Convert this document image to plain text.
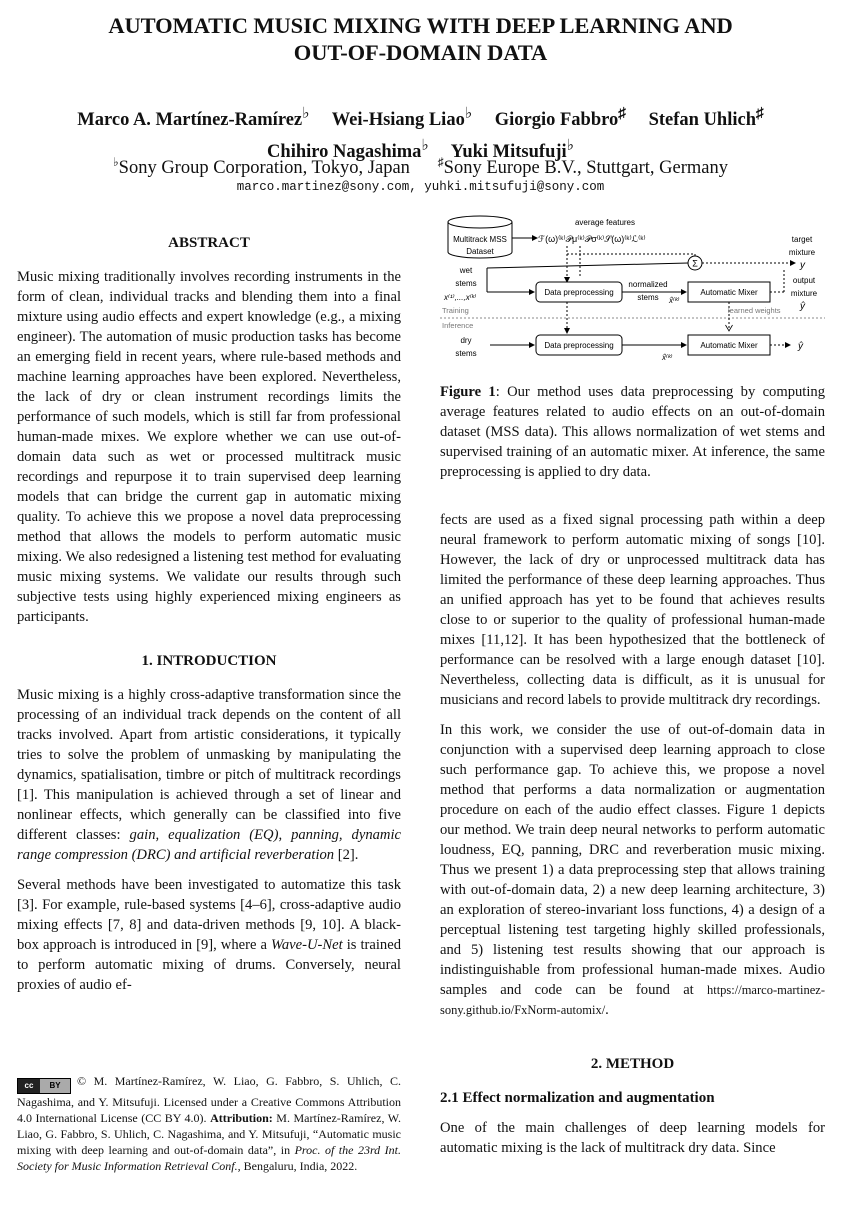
AUTOMATIC MUSIC MIXING WITH DEEP LEARNING AND
OUT-OF-DOMAIN DATA
Marco A. Martínez-Ramírez♭ Wei-Hsiang Liao♭ Giorgio Fabbro♯ Stefan Uhlich♯
Chihiro Nagashima♭ Yuki Mitsufuji♭
♭Sony Group Corporation, Tokyo, Japan ♯Sony Europe B.V., Stuttgart, Germany
marco.martinez@sony.com, yuhki.mitsufuji@sony.com
ABSTRACT

Music mixing traditionally involves recording instruments in the form of clean, individual tracks and blending them into a final mixture using audio effects and expert knowledge (e.g., a mixing engineer). The automation of music production tasks has become an emerging field in recent years, where rule-based methods and machine learning approaches have been explored. Nevertheless, the lack of dry or clean instrument recordings limits the performance of such models, which is still far from professional human-made mixes. We explore whether we can use out-of-domain data such as wet or processed multitrack music recordings and repurpose it to train supervised deep learning models that can bridge the current gap in automatic mixing quality. To achieve this we propose a novel data preprocessing method that allows the models to perform automatic music mixing. We also redesigned a listening test method for evaluating music mixing systems. We validate our results through such subjective tests using highly experienced mixing engineers as participants.

1. INTRODUCTION

Music mixing is a highly cross-adaptive transformation since the processing of an individual track depends on the content of all tracks involved. Apart from artistic considerations, it typically tries to solve the problem of unmasking by manipulating the dynamics, spatialisation, timbre or pitch of multitrack recordings [1]. This manipulation is achieved through a set of linear and nonlinear effects, which generally can be classified into five different classes: gain, equalization (EQ), panning, dynamic range compression (DRC) and artificial reverberation [2].

Several methods have been investigated to automatize this task [3]. For example, rule-based systems [4–6], cross-adaptive audio mixing effects [7, 8] and data-driven methods [9, 10]. A black-box approach is introduced in [9], where a Wave-U-Net is trained to perform automatic mixing of drums. Conversely, neural proxies of audio ef-

Multitrack MSS
Dataset
average features
ℱ(ω)⁽ᵏ⁾𝒫μ⁽ᵏ⁾𝒫σ⁽ᵏ⁾𝒮(ω)⁽ᵏ⁾ℒ⁽ᵏ⁾
Σ
target
mixture
y
wet
stems
x⁽¹⁾,...,x⁽ᵏ⁾
Data preprocessing
normalized
stems x̂⁽ᵏ⁾
Automatic Mixer
output
mixture
ŷ
Training
Inference
learned weights
dry
stems
Data preprocessing
x̂⁽ᵏ⁾
Automatic Mixer	ŷ

Figure 1: Our method uses data preprocessing by computing average features related to audio effects on an out-of-domain dataset (MSS data). This allows normalization of wet stems and supervised training of an automatic mixer. At inference, the same preprocessing is applied to dry data.

fects are used as a fixed signal processing path within a deep neural framework to perform automatic mixing of songs [10]. However, the lack of dry or unprocessed multitrack data has limited the performance of these deep learning approaches. Thus an unified approach has yet to be found that achieves results close to or superior to the quality of professional human-made mixes [11,12]. It has been hypothesized that the bottleneck of performance can be resolved with a large enough dataset [10]. Nevertheless, collecting data is difficult, as it is unusual for musicians and record labels to provide multitrack dry recordings.

In this work, we consider the use of out-of-domain data in conjunction with a supervised deep learning approach to close such performance gap. To achieve this, we propose a novel method that performs a data normalization or augmentation procedure on each of the audio effect classes. Figure 1 depicts our method. We train deep neural networks to perform automatic loudness, EQ, panning, DRC and reverberation music mixing. Thus we present 1) a data preprocessing step that allows training with out-of-domain data, 2) a new deep learning architecture, 3) an exploration of stereo-invariant loss functions, 4) a design of a perceptual listening test targeting highly skilled professionals, and 5) listening test results showing that our approach is indistinguishable from professional human-made mixes. Audio samples and code can be found at https://marco-martinez-sony.github.io/FxNorm-automix/.

2. METHOD
2.1 Effect normalization and augmentation

One of the main challenges of deep learning models for automatic mixing is the lack of multitrack dry data. Since

cc	BY	© M. Martínez-Ramírez, W. Liao, G. Fabbro, S. Uhlich, C. Nagashima, and Y. Mitsufuji. Licensed under a Creative Commons Attribution 4.0 International License (CC BY 4.0). Attribution: M. Martínez-Ramírez, W. Liao, G. Fabbro, S. Uhlich, C. Nagashima, and Y. Mitsufuji, “Automatic music mixing with deep learning and out-of-domain data”, in Proc. of the 23rd Int. Society for Music Information Retrieval Conf., Bengaluru, India, 2022.
